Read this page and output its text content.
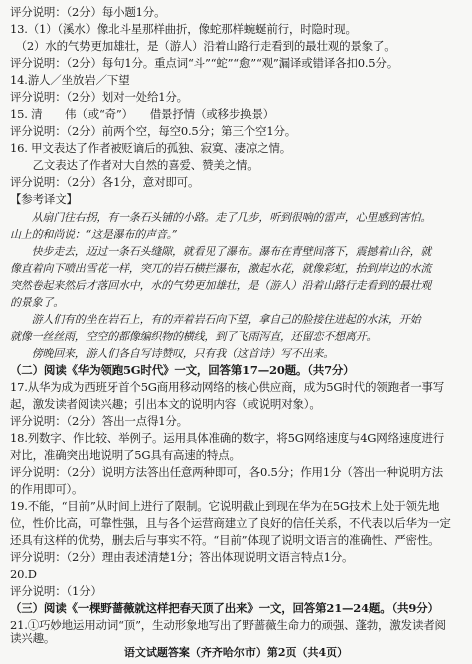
评分说明：（2分）每小题1分。
13.（1）（溪水）像北斗星那样曲折，像蛇那样蜿蜒前行，时隐时现。
　（2）水的气势更加雄壮，是（游人）沿着山路行走看到的最壮观的景象了。
评分说明：（2分）每句1分。重点词“斗”“蛇”“愈”“观”漏译或错译各扣0.5分。
14.游人／坐放岩／下望
评分说明：（2分）划对一处给1分。
15. 清　　伟（或“奇”）　　借景抒情（或移步换景）
评分说明：（2分）前两个空，每空0.5分；第三个空1分。
16. 甲文表达了作者被贬谪后的孤独、寂寞、凄凉之情。
　　乙文表达了作者对大自然的喜爱、赞美之情。
评分说明：（2分）各1分，意对即可。
【参考译文】
　　从扇门往右拐，有一条石头铺的小路。走了几步，听到很响的雷声，心里感到害怕。
山上的和尚说：“这是瀑布的声音。”
　　快步走去，迈过一条石头缝隙，就看见了瀑布。瀑布在青壁间落下，震撼着山谷，就
像直着向下喷出雪花一样，突兀的岩石横拦瀑布，激起水花，就像彩虹，抬到岸边的水流
突然卷起来然后才落回水中，水的气势更加雄壮，是（游人）沿着山路行走看到的最壮观
的景象了。
　　游人们有的坐在岩石上，有的弄着岩石向下望，拿自己的脸接住进起的水沫，开始
就像一丝丝雨，空空的都像编织物的横线，到了飞雨泻直，还留恋不想离开。
　　傍晚回来，游人们各自写诗赞叹，只有我（这首诗）写不出来。
（二）阅读《华为领跑5G时代》一文，回答第17—20题。（共7分）
17.从华为成为西班牙首个5G商用移动网络的核心供应商，成为5G时代的领跑者一事写
起，激发读者阅读兴趣；引出本文的说明内容（或说明对象）。
评分说明：（2分）答出一点得1分。
18.列数字、作比较、举例子。运用具体准确的数字，将5G网络速度与4G网络速度进行
对比，准确突出地说明了5G具有高速的特点。
评分说明：（2分）说明方法答出任意两种即可，各0.5分；作用1分（答出一种说明方法
的作用即可）。
19.不能，“目前”从时间上进行了限制。它说明截止到现在华为在5G技术上处于领先地
位，性价比高，可靠性强，且与各个运营商建立了良好的信任关系，不代表以后华为一定
还具有这样的优势，删去后与事实不符。“目前”体现了说明文语言的准确性、严密性。
评分说明：（2分）理由表述清楚1分；答出体现说明文语言特点1分。
20.D
评分说明：（1分）
（三）阅读《一棵野蔷薇就这样把春天顶了出来》一文，回答第21—24题。（共9分）
21.①巧妙地运用动词“顶”，生动形象地写出了野蔷薇生命力的顽强、蓬勃，激发读者阅
读兴趣。
语文试题答案（齐齐哈尔市）第2页（共4页）
